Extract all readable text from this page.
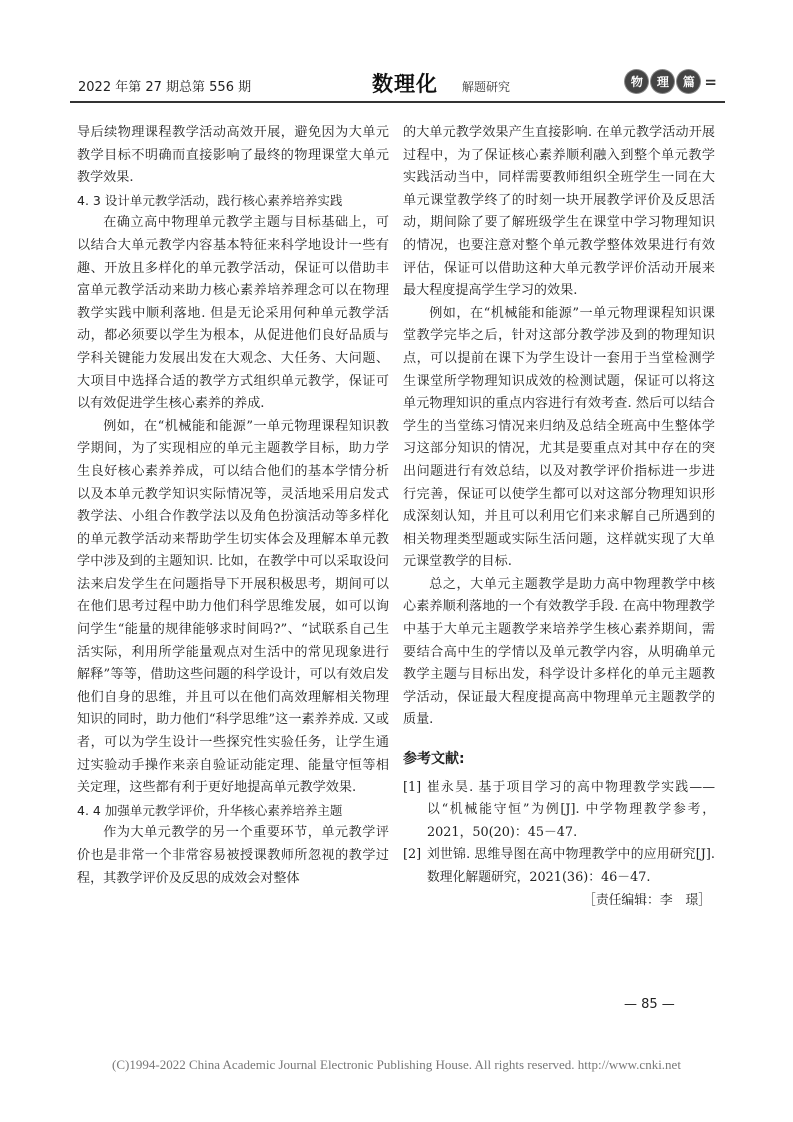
2022 年第 27 期总第 556 期	数理化 解题研究	物	理	篇 =

导后续物理课程教学活动高效开展，避免因为大单元教学目标不明确而直接影响了最终的物理课堂大单元教学效果.

4. 3 设计单元教学活动，践行核心素养培养实践

在确立高中物理单元教学主题与目标基础上，可以结合大单元教学内容基本特征来科学地设计一些有趣、开放且多样化的单元教学活动，保证可以借助丰富单元教学活动来助力核心素养培养理念可以在物理教学实践中顺利落地. 但是无论采用何种单元教学活动，都必须要以学生为根本，从促进他们良好品质与学科关键能力发展出发在大观念、大任务、大问题、大项目中选择合适的教学方式组织单元教学，保证可以有效促进学生核心素养的养成.

例如，在“机械能和能源”一单元物理课程知识教学期间，为了实现相应的单元主题教学目标，助力学生良好核心素养养成，可以结合他们的基本学情分析以及本单元教学知识实际情况等，灵活地采用启发式教学法、小组合作教学法以及角色扮演活动等多样化的单元教学活动来帮助学生切实体会及理解本单元教学中涉及到的主题知识. 比如，在教学中可以采取设问法来启发学生在问题指导下开展积极思考，期间可以在他们思考过程中助力他们科学思维发展，如可以询问学生“能量的规律能够求时间吗?”、“试联系自己生活实际，利用所学能量观点对生活中的常见现象进行解释”等等，借助这些问题的科学设计，可以有效启发他们自身的思维，并且可以在他们高效理解相关物理知识的同时，助力他们“科学思维”这一素养养成. 又或者，可以为学生设计一些探究性实验任务，让学生通过实验动手操作来亲自验证动能定理、能量守恒等相关定理，这些都有利于更好地提高单元教学效果.

4. 4 加强单元教学评价，升华核心素养培养主题

作为大单元教学的另一个重要环节，单元教学评价也是非常一个非常容易被授课教师所忽视的教学过程，其教学评价及反思的成效会对整体

的大单元教学效果产生直接影响. 在单元教学活动开展过程中，为了保证核心素养顺利融入到整个单元教学实践活动当中，同样需要教师组织全班学生一同在大单元课堂教学终了的时刻一块开展教学评价及反思活动，期间除了要了解班级学生在课堂中学习物理知识的情况，也要注意对整个单元教学整体效果进行有效评估，保证可以借助这种大单元教学评价活动开展来最大程度提高学生学习的效果.

例如，在“机械能和能源”一单元物理课程知识课堂教学完毕之后，针对这部分教学涉及到的物理知识点，可以提前在课下为学生设计一套用于当堂检测学生课堂所学物理知识成效的检测试题，保证可以将这单元物理知识的重点内容进行有效考查. 然后可以结合学生的当堂练习情况来归纳及总结全班高中生整体学习这部分知识的情况，尤其是要重点对其中存在的突出问题进行有效总结，以及对教学评价指标进一步进行完善，保证可以使学生都可以对这部分物理知识形成深刻认知，并且可以利用它们来求解自己所遇到的相关物理类型题或实际生活问题，这样就实现了大单元课堂教学的目标.

总之，大单元主题教学是助力高中物理教学中核心素养顺利落地的一个有效教学手段. 在高中物理教学中基于大单元主题教学来培养学生核心素养期间，需要结合高中生的学情以及单元教学内容，从明确单元教学主题与目标出发，科学设计多样化的单元主题教学活动，保证最大程度提高高中物理单元主题教学的质量.

参考文献:

[1] 崔永昊. 基于项目学习的高中物理教学实践——以“机械能守恒”为例[J]. 中学物理教学参考，2021，50(20)：45－47.
[2] 刘世锦. 思维导图在高中物理教学中的应用研究[J]. 数理化解题研究，2021(36)：46－47.
［责任编辑：李　璟］
— 85 —
(C)1994-2022 China Academic Journal Electronic Publishing House. All rights reserved. http://www.cnki.net
